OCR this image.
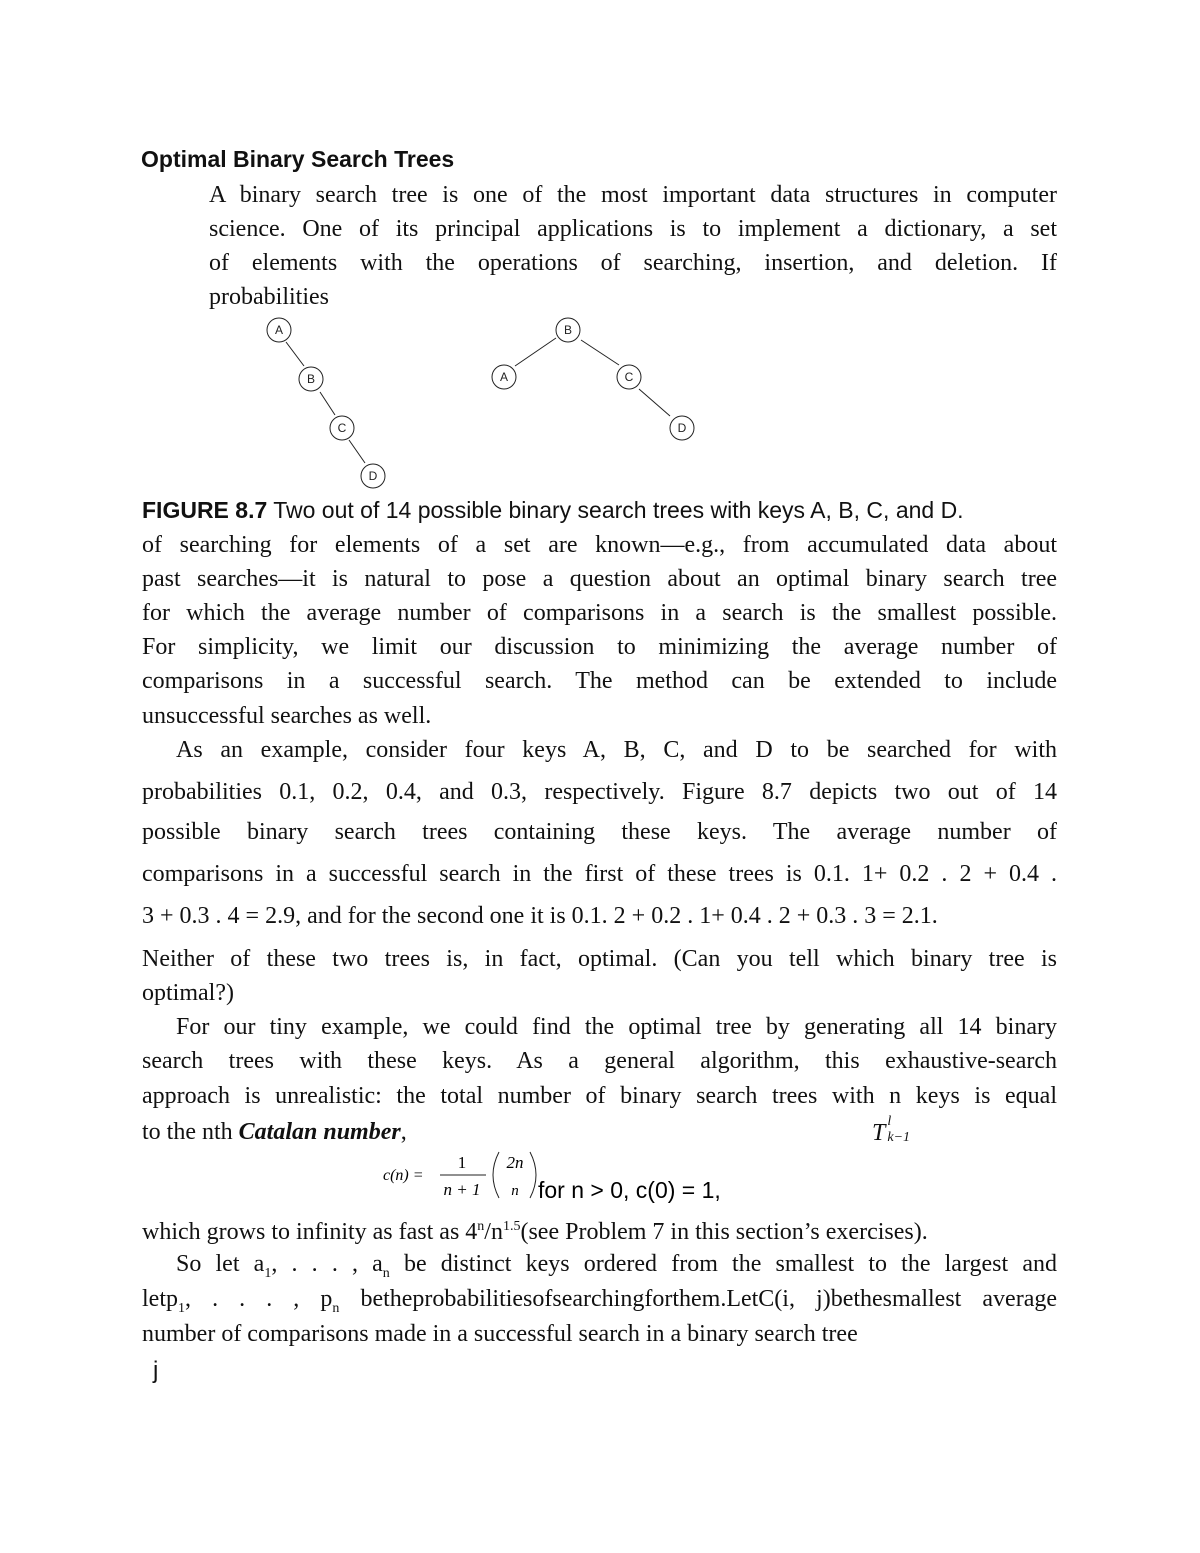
Optimal Binary Search Trees
A binary search tree is one of the most important data structures in computer
science. One of its principal applications is to implement a dictionary, a set
of elements with the operations of searching, insertion, and deletion. If
probabilities
A
B
C
D
B
A	C
D
FIGURE 8.7 Two out of 14 possible binary search trees with keys A, B, C, and D.
of searching for elements of a set are known—e.g., from accumulated data about
past searches—it is natural to pose a question about an optimal binary search tree
for which the average number of comparisons in a search is the smallest possible.
For simplicity, we limit our discussion to minimizing the average number of
comparisons in a successful search. The method can be extended to include
unsuccessful searches as well.
As an example, consider four keys A, B, C, and D to be searched for with
probabilities 0.1, 0.2, 0.4, and 0.3, respectively. Figure 8.7 depicts two out of 14
possible binary search trees containing these keys. The average number of
comparisons in a successful search in the first of these trees is 0.1. 1+ 0.2 . 2 + 0.4 .
3 + 0.3 . 4 = 2.9, and for the second one it is 0.1. 2 + 0.2 . 1+ 0.4 . 2 + 0.3 . 3 = 2.1.
Neither of these two trees is, in fact, optimal. (Can you tell which binary tree is
optimal?)
For our tiny example, we could find the optimal tree by generating all 14 binary
search trees with these keys. As a general algorithm, this exhaustive-search
approach is unrealistic: the total number of binary search trees with n keys is equal
to the nth Catalan number,	T l
k−1
c(n) =
1
n + 1
2n
n for n > 0, c(0) = 1,
which grows to infinity as fast as $4^n/n^{1.5}(see$ Problem 7 in this section’s exercises).
So let $a_1$, . . . , $a_n$ be distinct keys ordered from the smallest to the largest and
letp$_1$, . . . , $p_n$ betheprobabilitiesofsearchingforthem.LetC(i, j)bethesmallest average
number of comparisons made in a successful search in a binary search tree
j
